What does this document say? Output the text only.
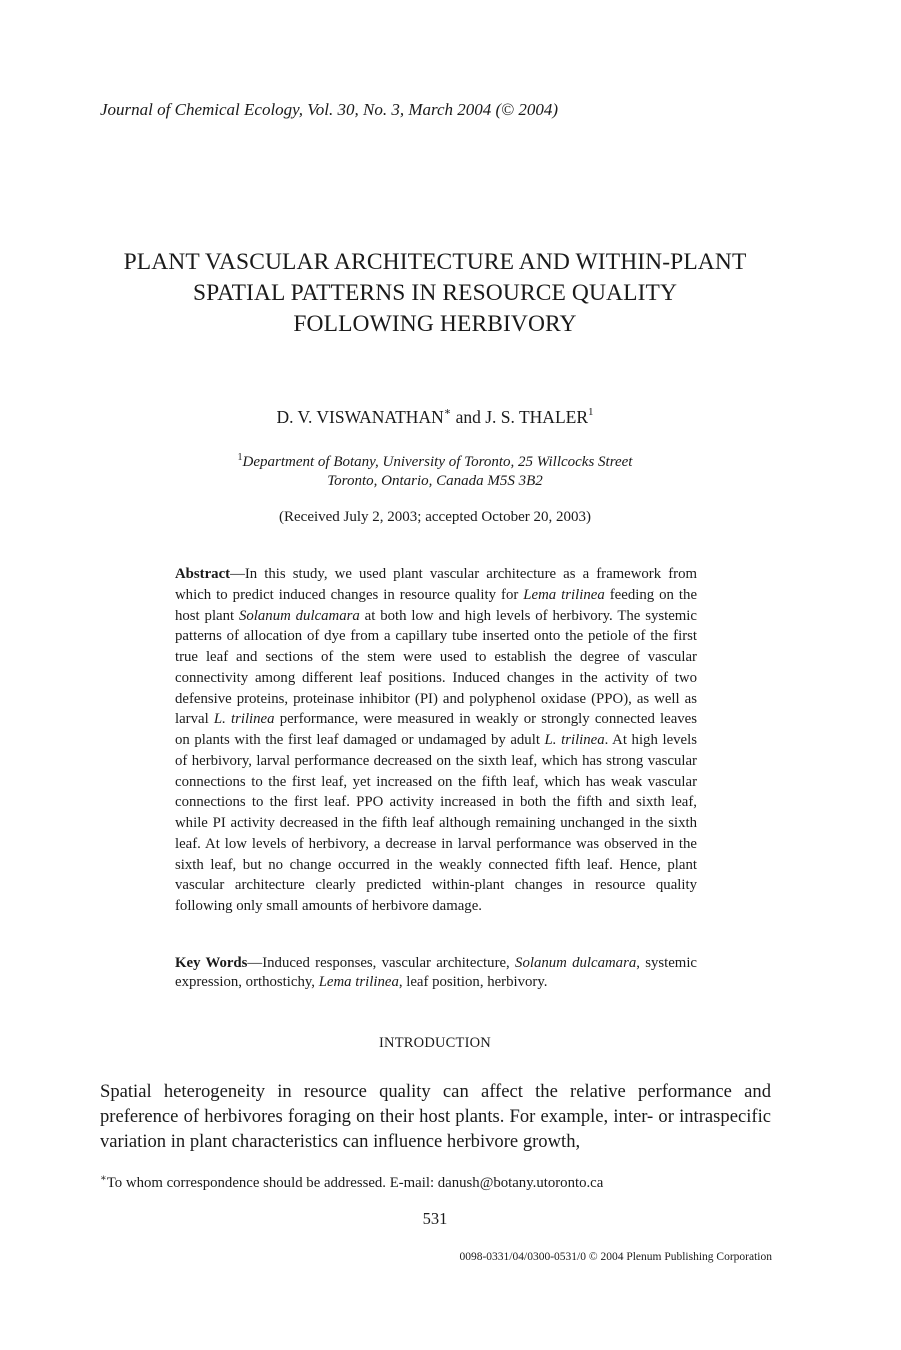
Journal of Chemical Ecology, Vol. 30, No. 3, March 2004 (© 2004)
PLANT VASCULAR ARCHITECTURE AND WITHIN-PLANT
SPATIAL PATTERNS IN RESOURCE QUALITY
FOLLOWING HERBIVORY
D. V. VISWANATHAN∗ and J. S. THALER$^1$
$^1$Department of Botany, University of Toronto, 25 Willcocks Street
Toronto, Ontario, Canada M5S 3B2
(Received July 2, 2003; accepted October 20, 2003)
Abstract—In this study, we used plant vascular architecture as a framework from which to predict induced changes in resource quality for Lema trilinea feeding on the host plant Solanum dulcamara at both low and high levels of herbivory. The systemic patterns of allocation of dye from a capillary tube inserted onto the petiole of the first true leaf and sections of the stem were used to establish the degree of vascular connectivity among different leaf positions. Induced changes in the activity of two defensive proteins, proteinase inhibitor (PI) and polyphenol oxidase (PPO), as well as larval L. trilinea performance, were measured in weakly or strongly connected leaves on plants with the first leaf damaged or undamaged by adult L. trilinea. At high levels of herbivory, larval performance decreased on the sixth leaf, which has strong vascular connections to the first leaf, yet increased on the fifth leaf, which has weak vascular connections to the first leaf. PPO activity increased in both the fifth and sixth leaf, while PI activity decreased in the fifth leaf although remaining unchanged in the sixth leaf. At low levels of herbivory, a decrease in larval performance was observed in the sixth leaf, but no change occurred in the weakly connected fifth leaf. Hence, plant vascular architecture clearly predicted within-plant changes in resource quality following only small amounts of herbivore damage.
Key Words—Induced responses, vascular architecture, Solanum dulcamara, systemic expression, orthostichy, Lema trilinea, leaf position, herbivory.
INTRODUCTION
Spatial heterogeneity in resource quality can affect the relative performance and preference of herbivores foraging on their host plants. For example, inter- or intraspecific variation in plant characteristics can influence herbivore growth,
∗To whom correspondence should be addressed. E-mail: danush@botany.utoronto.ca
531
0098-0331/04/0300-0531/0 © 2004 Plenum Publishing Corporation
